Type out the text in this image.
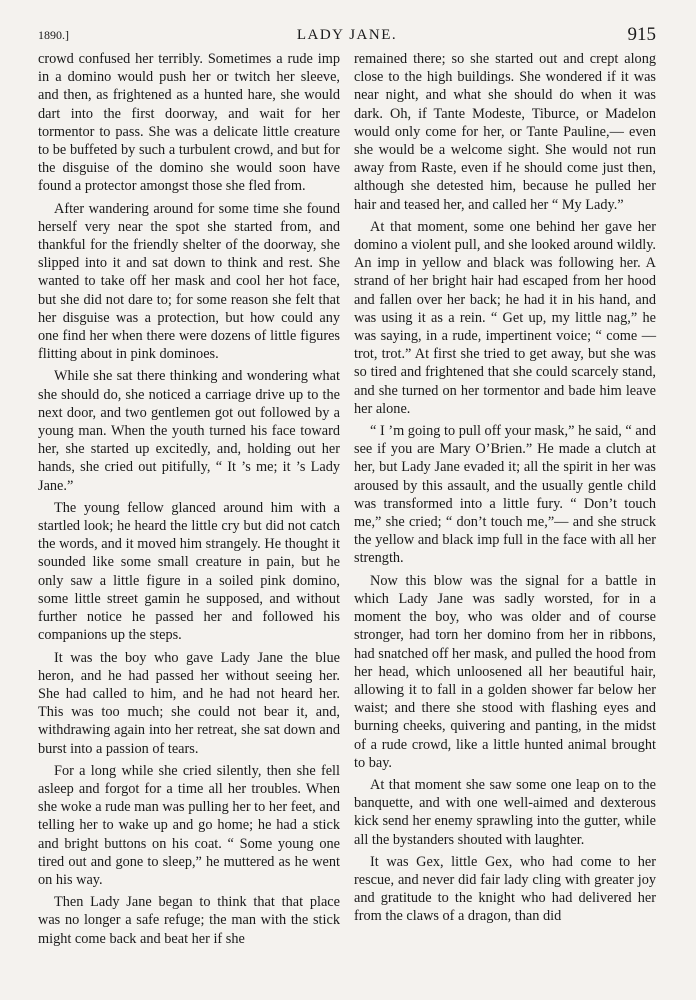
1890.]	LADY JANE.	915

crowd confused her terribly. Sometimes a rude imp in a domino would push her or twitch her sleeve, and then, as frightened as a hunted hare, she would dart into the first doorway, and wait for her tormentor to pass. She was a delicate little creature to be buffeted by such a turbulent crowd, and but for the disguise of the domino she would soon have found a protector amongst those she fled from.

After wandering around for some time she found herself very near the spot she started from, and thankful for the friendly shelter of the doorway, she slipped into it and sat down to think and rest. She wanted to take off her mask and cool her hot face, but she did not dare to; for some reason she felt that her disguise was a protection, but how could any one find her when there were dozens of little figures flitting about in pink dominoes.

While she sat there thinking and wondering what she should do, she noticed a carriage drive up to the next door, and two gentlemen got out followed by a young man. When the youth turned his face toward her, she started up excitedly, and, holding out her hands, she cried out pitifully, “ It ’s me; it ’s Lady Jane.”

The young fellow glanced around him with a startled look; he heard the little cry but did not catch the words, and it moved him strangely. He thought it sounded like some small creature in pain, but he only saw a little figure in a soiled pink domino, some little street gamin he supposed, and without further notice he passed her and followed his companions up the steps.

It was the boy who gave Lady Jane the blue heron, and he had passed her without seeing her. She had called to him, and he had not heard her. This was too much; she could not bear it, and, withdrawing again into her retreat, she sat down and burst into a passion of tears.

For a long while she cried silently, then she fell asleep and forgot for a time all her troubles. When she woke a rude man was pulling her to her feet, and telling her to wake up and go home; he had a stick and bright buttons on his coat. “ Some young one tired out and gone to sleep,” he muttered as he went on his way.

Then Lady Jane began to think that that place was no longer a safe refuge; the man with the stick might come back and beat her if she

remained there; so she started out and crept along close to the high buildings. She wondered if it was near night, and what she should do when it was dark. Oh, if Tante Modeste, Tiburce, or Madelon would only come for her, or Tante Pauline,— even she would be a welcome sight. She would not run away from Raste, even if he should come just then, although she detested him, because he pulled her hair and teased her, and called her “ My Lady.”

At that moment, some one behind her gave her domino a violent pull, and she looked around wildly. An imp in yellow and black was following her. A strand of her bright hair had escaped from her hood and fallen over her back; he had it in his hand, and was using it as a rein. “ Get up, my little nag,” he was saying, in a rude, impertinent voice; “ come — trot, trot.” At first she tried to get away, but she was so tired and frightened that she could scarcely stand, and she turned on her tormentor and bade him leave her alone.

“ I ’m going to pull off your mask,” he said, “ and see if you are Mary O’Brien.” He made a clutch at her, but Lady Jane evaded it; all the spirit in her was aroused by this assault, and the usually gentle child was transformed into a little fury. “ Don’t touch me,” she cried; “ don’t touch me,”— and she struck the yellow and black imp full in the face with all her strength.

Now this blow was the signal for a battle in which Lady Jane was sadly worsted, for in a moment the boy, who was older and of course stronger, had torn her domino from her in ribbons, had snatched off her mask, and pulled the hood from her head, which unloosened all her beautiful hair, allowing it to fall in a golden shower far below her waist; and there she stood with flashing eyes and burning cheeks, quivering and panting, in the midst of a rude crowd, like a little hunted animal brought to bay.

At that moment she saw some one leap on to the banquette, and with one well-aimed and dexterous kick send her enemy sprawling into the gutter, while all the bystanders shouted with laughter.

It was Gex, little Gex, who had come to her rescue, and never did fair lady cling with greater joy and gratitude to the knight who had delivered her from the claws of a dragon, than did
